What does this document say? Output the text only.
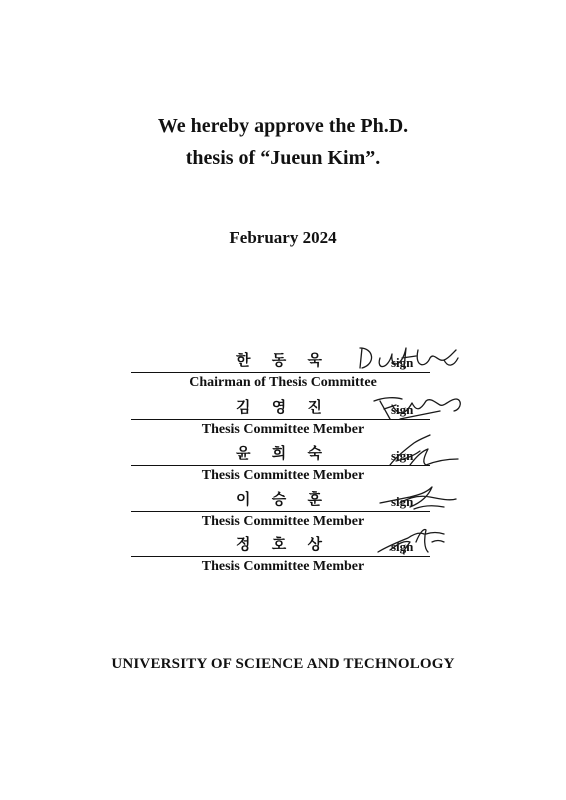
We hereby approve the Ph.D.
thesis of “Jueun Kim”.
February 2024
한 동 욱	sign
Chairman of Thesis Committee
김 영 진	sign
Thesis Committee Member
윤 희 숙	sign
Thesis Committee Member
이 승 훈	sign
Thesis Committee Member
정 호 상	sign
Thesis Committee Member
UNIVERSITY OF SCIENCE AND TECHNOLOGY
